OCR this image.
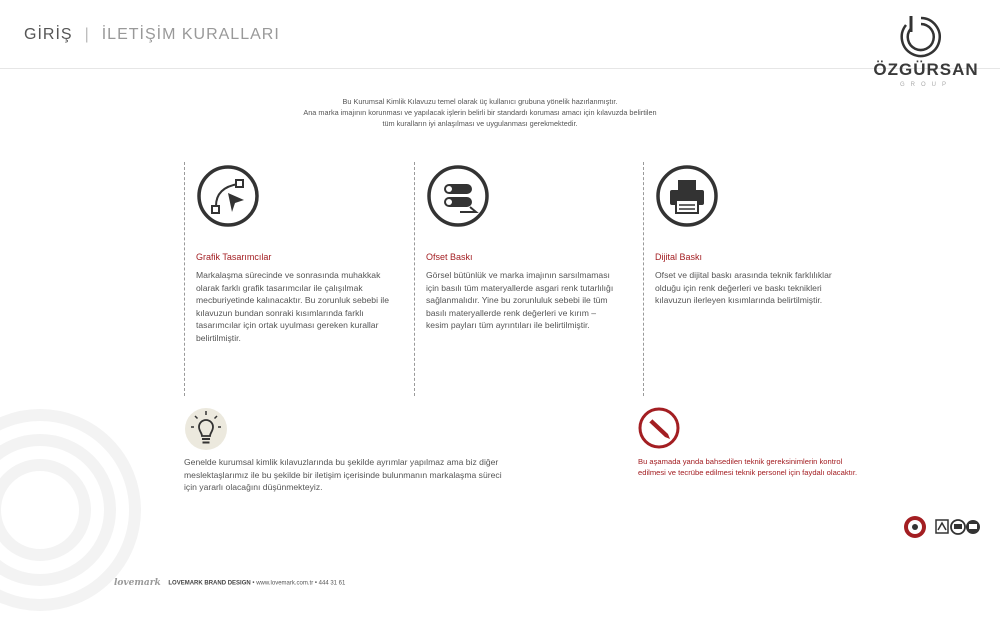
GİRİŞ | İLETİŞİM KURALLARI
ÖZGÜRSAN
GROUP
Bu Kurumsal Kimlik Kılavuzu temel olarak üç kullanıcı grubuna yönelik hazırlanmıştır.
Ana marka imajının korunması ve yapılacak işlerin belirli bir standardı koruması amacı için kılavuzda belirtilen
tüm kuralların iyi anlaşılması ve uygulanması gerekmektedir.
Grafik Tasarımcılar
Markalaşma sürecinde ve sonrasında muhakkak olarak farklı grafik tasarımcılar ile çalışılmak mecburiyetinde kalınacaktır. Bu zorunluk sebebi ile kılavuzun bundan sonraki kısımlarında farklı tasarımcılar için ortak uyulması gereken kurallar belirtilmiştir.
Ofset Baskı
Görsel bütünlük ve marka imajının sarsılmaması için basılı tüm materyallerde asgari renk tutarlılığı sağlanmalıdır. Yine bu zorunluluk sebebi ile tüm basılı materyallerde renk değerleri ve kırım – kesim payları tüm ayrıntıları ile belirtilmiştir.
Dijital Baskı
Ofset ve dijital baskı arasında teknik farklılıklar olduğu için renk değerleri ve baskı teknikleri kılavuzun ilerleyen kısımlarında belirtilmiştir.
Genelde kurumsal kimlik kılavuzlarında bu şekilde ayrımlar yapılmaz ama biz diğer meslektaşlarımız ile bu şekilde bir iletişim içerisinde bulunmanın markalaşma süreci için yararlı olacağını düşünmekteyiz.
Bu aşamada yanda bahsedilen teknik gereksinimlerin kontrol edilmesi ve tecrübe edilmesi teknik personel için faydalı olacaktır.
lovemark LOVEMARK BRAND DESIGN • www.lovemark.com.tr • 444 31 61
